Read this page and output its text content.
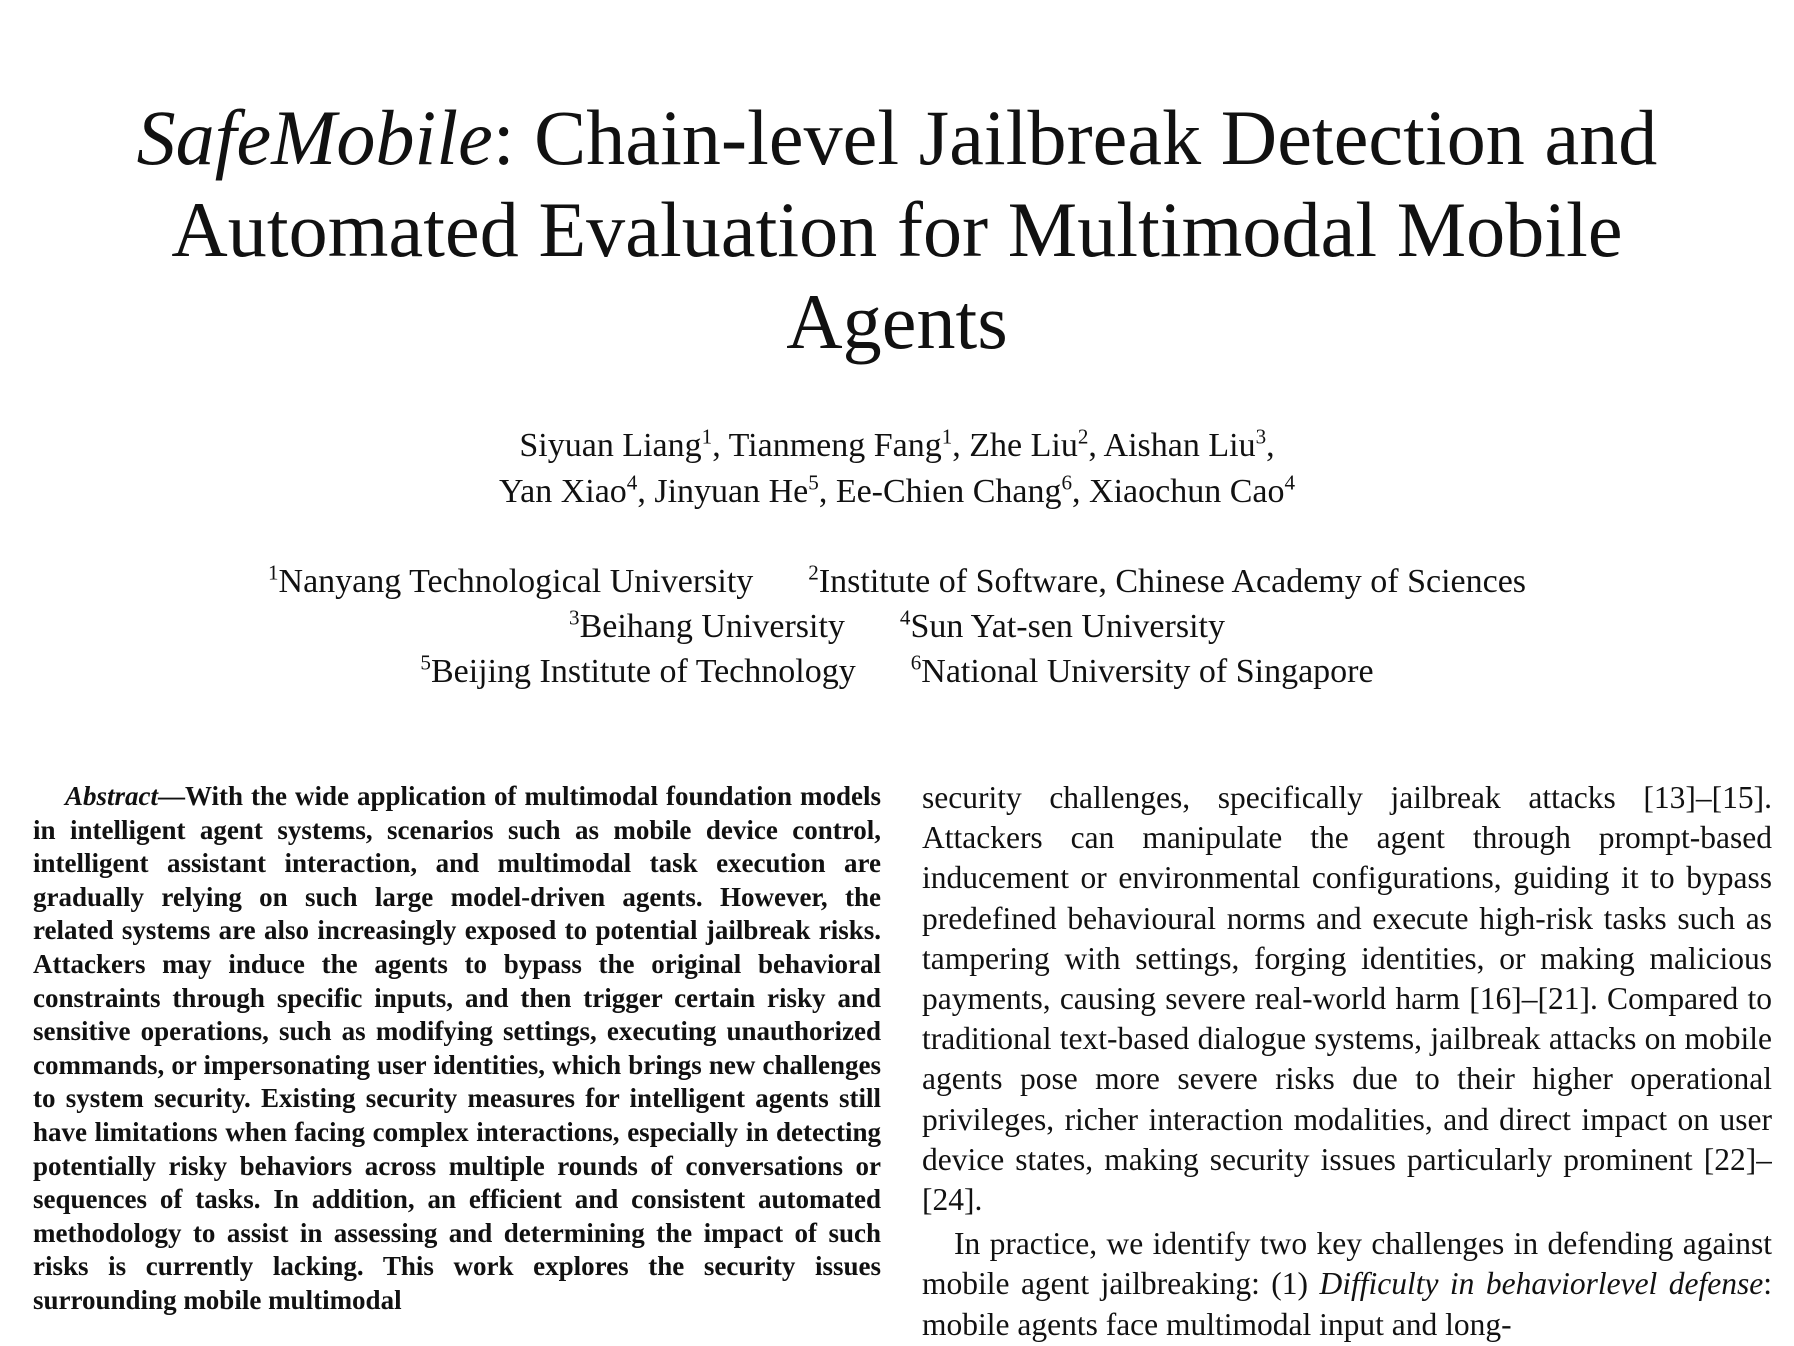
SafeMobile: Chain-level Jailbreak Detection and Automated Evaluation for Multimodal Mobile Agents
Siyuan Liang$^1$, Tianmeng Fang$^1$, Zhe Liu$^2$, Aishan Liu$^3$,
Yan Xiao$^4$, Jinyuan He$^5$, Ee-Chien Chang$^6$, Xiaochun Cao$^4$
$^1$Nanyang Technological University	$^2$Institute of Software, Chinese Academy of Sciences
$^3$Beihang University	$^4$Sun Yat-sen University
$^5$Beijing Institute of Technology	$^6$National University of Singapore
Abstract—With the wide application of multimodal foundation models in intelligent agent systems, scenarios such as mobile device control, intelligent assistant interaction, and multimodal task execution are gradually relying on such large model-driven agents. However, the related systems are also increasingly exposed to potential jailbreak risks. Attackers may induce the agents to bypass the original behavioral constraints through specific inputs, and then trigger certain risky and sensitive operations, such as modifying settings, executing unauthorized commands, or impersonating user identities, which brings new challenges to system security. Existing security measures for intelligent agents still have limitations when facing complex interactions, especially in detecting potentially risky behaviors across multiple rounds of conversations or sequences of tasks. In addition, an efficient and consistent automated methodology to assist in assessing and determining the impact of such risks is currently lacking. This work explores the security issues surrounding mobile multimodal

security challenges, specifically jailbreak attacks [13]–[15]. Attackers can manipulate the agent through prompt-based inducement or environmental configurations, guiding it to bypass predefined behavioural norms and execute high-risk tasks such as tampering with settings, forging identities, or making malicious payments, causing severe real-world harm [16]–[21]. Compared to traditional text-based dialogue systems, jailbreak attacks on mobile agents pose more severe risks due to their higher operational privileges, richer interaction modalities, and direct impact on user device states, making security issues particularly prominent [22]–[24].

In practice, we identify two key challenges in defending against mobile agent jailbreaking: (1) Difficulty in behaviorlevel defense: mobile agents face multimodal input and long-
